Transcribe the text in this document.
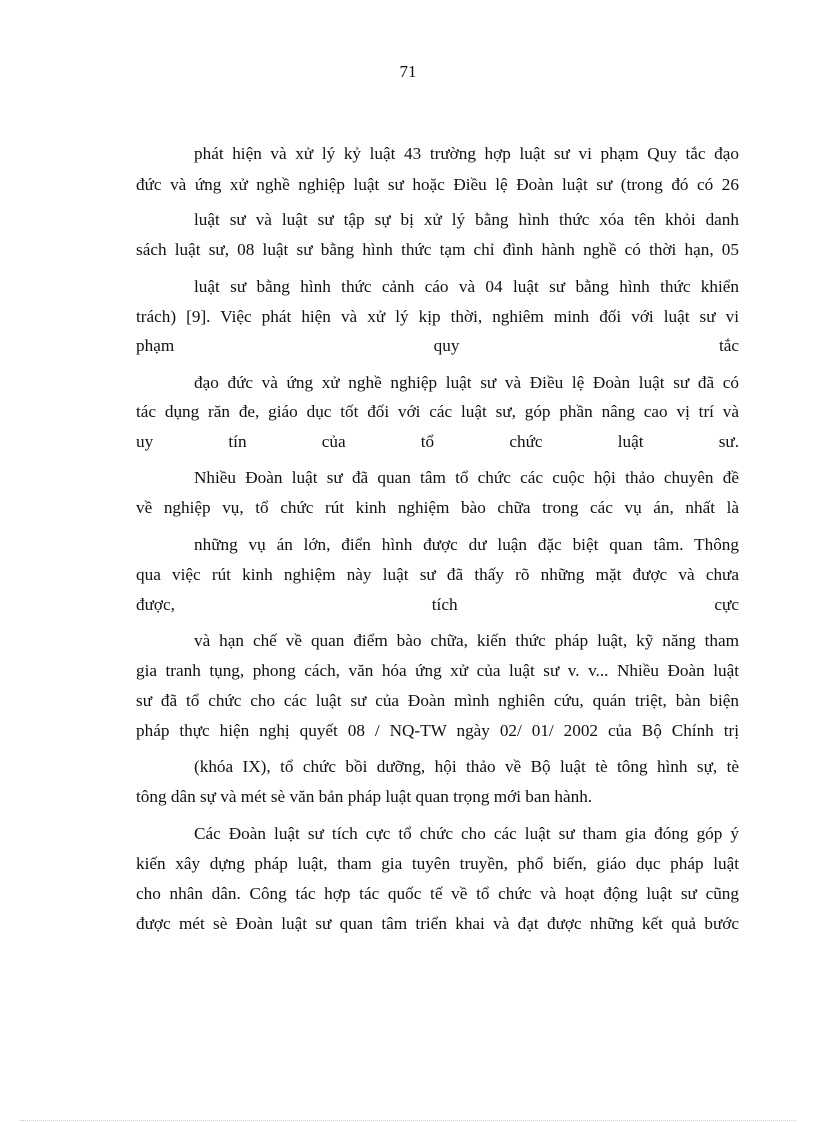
71
phát hiện và xử lý kỷ luật 43 trường hợp luật sư vi phạm Quy tắc đạo
đức và ứng xử nghề nghiệp luật sư hoặc Điều lệ Đoàn luật sư (trong đó có 26
luật sư và luật sư tập sự bị xử lý bằng hình thức xóa tên khỏi danh
sách luật sư, 08 luật sư bằng hình thức tạm chỉ đình hành nghề có thời hạn, 05
luật sư bằng hình thức cảnh cáo và 04 luật sư bằng hình thức khiển
trách) [9]. Việc phát hiện và xử lý kịp thời, nghiêm minh đối với luật sư vi
phạm quy tắc
đạo đức và ứng xử nghề nghiệp luật sư và Điều lệ Đoàn luật sư đã có
tác dụng răn đe, giáo dục tốt đối với các luật sư, góp phần nâng cao vị trí và
uy tín của tổ chức luật sư.
Nhiều Đoàn luật sư đã quan tâm tổ chức các cuộc hội thảo chuyên đề
về nghiệp vụ, tổ chức rút kinh nghiệm bào chữa trong các vụ án, nhất là
những vụ án lớn, điển hình được dư luận đặc biệt quan tâm. Thông
qua việc rút kinh nghiệm này luật sư đã thấy rõ những mặt được và chưa
được, tích cực
và hạn chế về quan điểm bào chữa, kiến thức pháp luật, kỹ năng tham
gia tranh tụng, phong cách, văn hóa ứng xử của luật sư v. v... Nhiều Đoàn luật
sư đã tổ chức cho các luật sư của Đoàn mình nghiên cứu, quán triệt, bàn biện
pháp thực hiện nghị quyết 08 / NQ-TW ngày 02/ 01/ 2002 của Bộ Chính trị
(khóa IX), tổ chức bồi dưỡng, hội thảo về Bộ luật tè tông hình sự, tè
tông dân sự và mét sè văn bản pháp luật quan trọng mới ban hành.
Các Đoàn luật sư tích cực tổ chức cho các luật sư tham gia đóng góp ý
kiến xây dựng pháp luật, tham gia tuyên truyền, phổ biến, giáo dục pháp luật
cho nhân dân. Công tác hợp tác quốc tế về tổ chức và hoạt động luật sư cũng
được mét sè Đoàn luật sư quan tâm triển khai và đạt được những kết quả bước
